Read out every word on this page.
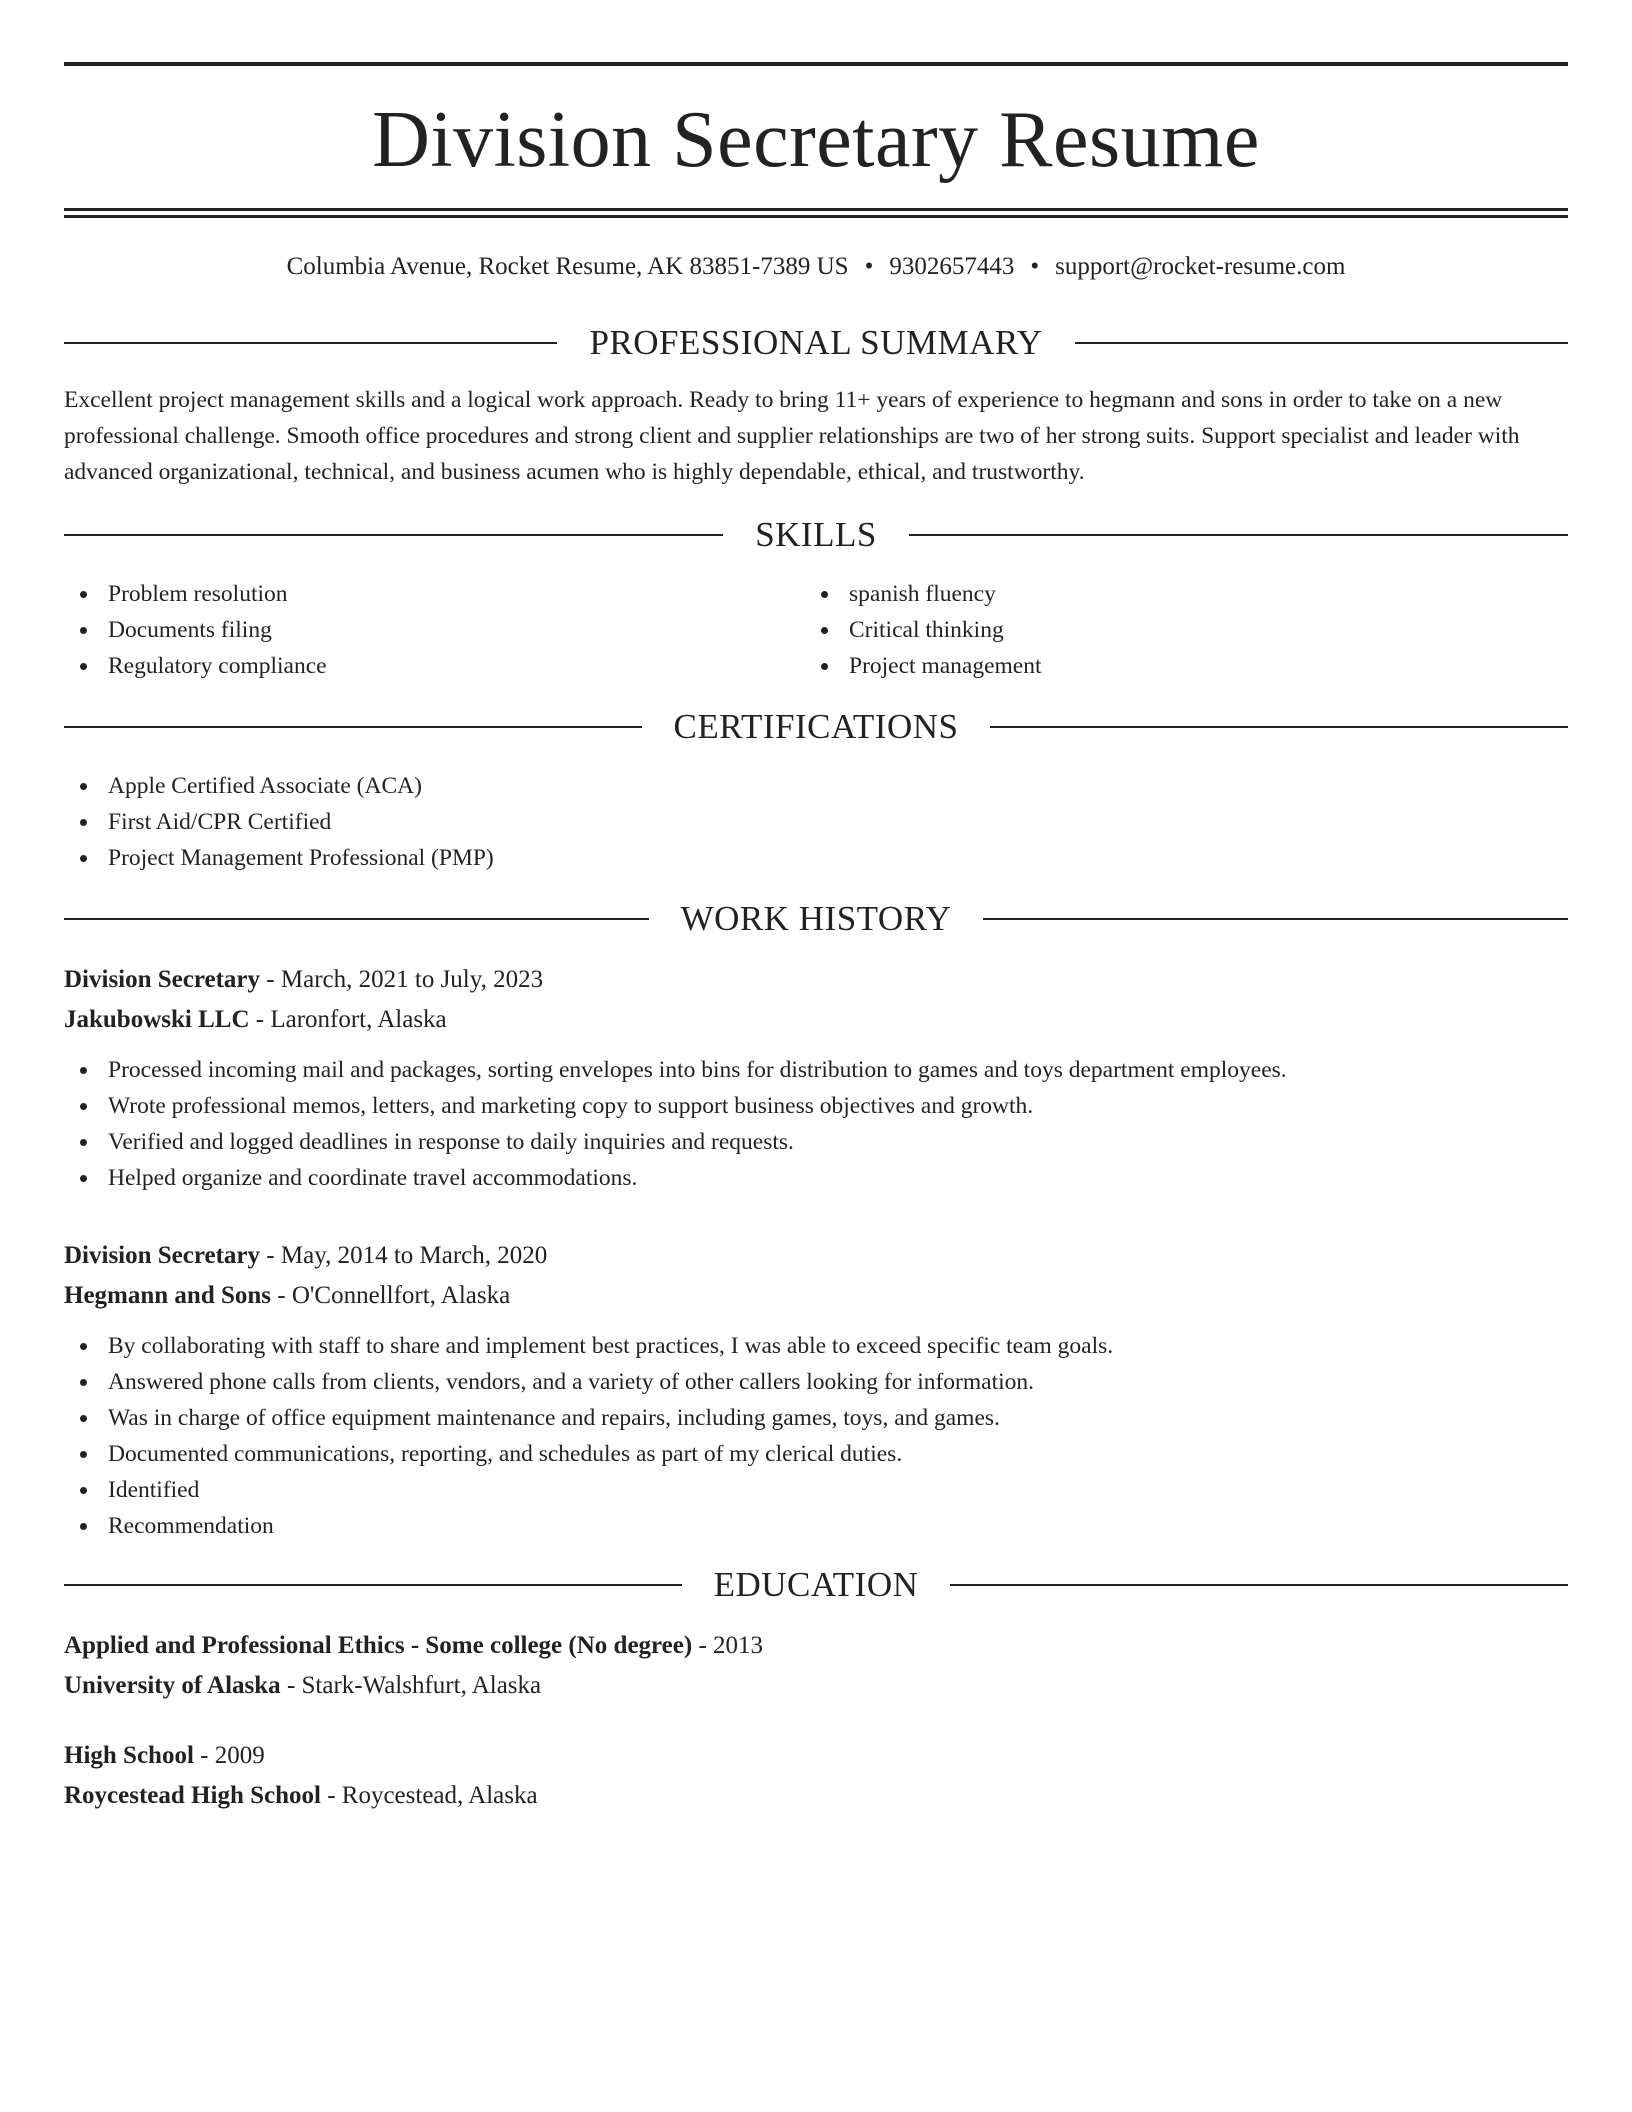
Division Secretary Resume
Columbia Avenue, Rocket Resume, AK 83851-7389 US • 9302657443 • support@rocket-resume.com
PROFESSIONAL SUMMARY

Excellent project management skills and a logical work approach. Ready to bring 11+ years of experience to hegmann and sons in order to take on a new professional challenge. Smooth office procedures and strong client and supplier relationships are two of her strong suits. Support specialist and leader with advanced organizational, technical, and business acumen who is highly dependable, ethical, and trustworthy.

SKILLS
Problem resolution
Documents filing
Regulatory compliance
spanish fluency
Critical thinking
Project management
CERTIFICATIONS
Apple Certified Associate (ACA)
First Aid/CPR Certified
Project Management Professional (PMP)
WORK HISTORY
Division Secretary - March, 2021 to July, 2023
Jakubowski LLC - Laronfort, Alaska
Processed incoming mail and packages, sorting envelopes into bins for distribution to games and toys department employees.
Wrote professional memos, letters, and marketing copy to support business objectives and growth.
Verified and logged deadlines in response to daily inquiries and requests.
Helped organize and coordinate travel accommodations.
Division Secretary - May, 2014 to March, 2020
Hegmann and Sons - O'Connellfort, Alaska
By collaborating with staff to share and implement best practices, I was able to exceed specific team goals.
Answered phone calls from clients, vendors, and a variety of other callers looking for information.
Was in charge of office equipment maintenance and repairs, including games, toys, and games.
Documented communications, reporting, and schedules as part of my clerical duties.
Identified
Recommendation
EDUCATION
Applied and Professional Ethics - Some college (No degree) - 2013
University of Alaska - Stark-Walshfurt, Alaska
High School - 2009
Roycestead High School - Roycestead, Alaska
